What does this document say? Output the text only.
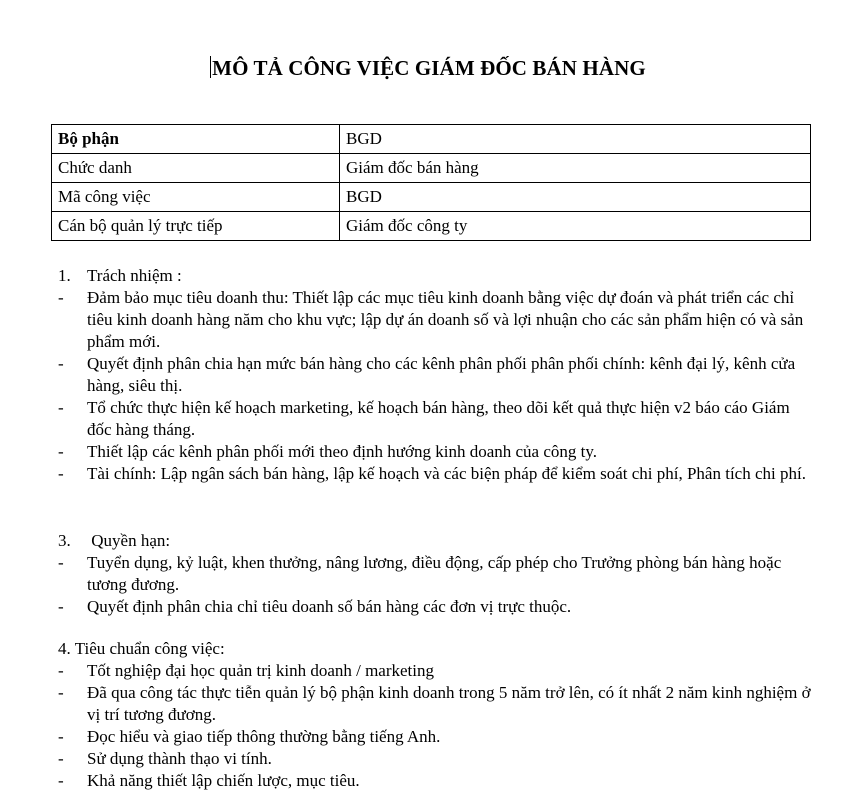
MÔ TẢ CÔNG VIỆC GIÁM ĐỐC BÁN HÀNG
Bộ phận	BGD
Chức danh	Giám đốc bán hàng
Mã công việc	BGD
Cán bộ quản lý trực tiếp	Giám đốc công ty

1. Trách nhiệm :

-	Đảm bảo mục tiêu doanh thu: Thiết lập các mục tiêu kinh doanh bằng việc dự đoán và phát triển các chỉ tiêu kinh doanh hàng năm cho khu vực; lập dự án doanh số và lợi nhuận cho các sản phẩm hiện có và sản phẩm mới.
-	Quyết định phân chia hạn mức bán hàng cho các kênh phân phối phân phối chính: kênh đại lý, kênh cửa hàng, siêu thị.
-	Tổ chức thực hiện kế hoạch marketing, kế hoạch bán hàng, theo dõi kết quả thực hiện v2 báo cáo Giám đốc hàng tháng.
-	Thiết lập các kênh phân phối mới theo định hướng kinh doanh của công ty.
-	Tài chính: Lập ngân sách bán hàng, lập kế hoạch và các biện pháp để kiểm soát chi phí, Phân tích chi phí.

3. Quyền hạn:

-	Tuyển dụng, kỷ luật, khen thưởng, nâng lương, điều động, cấp phép cho Trưởng phòng bán hàng hoặc tương đương.
-	Quyết định phân chia chỉ tiêu doanh số bán hàng các đơn vị trực thuộc.

4. Tiêu chuẩn công việc:

-	Tốt nghiệp đại học quản trị kinh doanh / marketing
-	Đã qua công tác thực tiễn quản lý bộ phận kinh doanh trong 5 năm trở lên, có ít nhất 2 năm kinh nghiệm ở vị trí tương đương.
-	Đọc hiểu và giao tiếp thông thường bằng tiếng Anh.
-	Sử dụng thành thạo vi tính.
-	Khả năng thiết lập chiến lược, mục tiêu.
